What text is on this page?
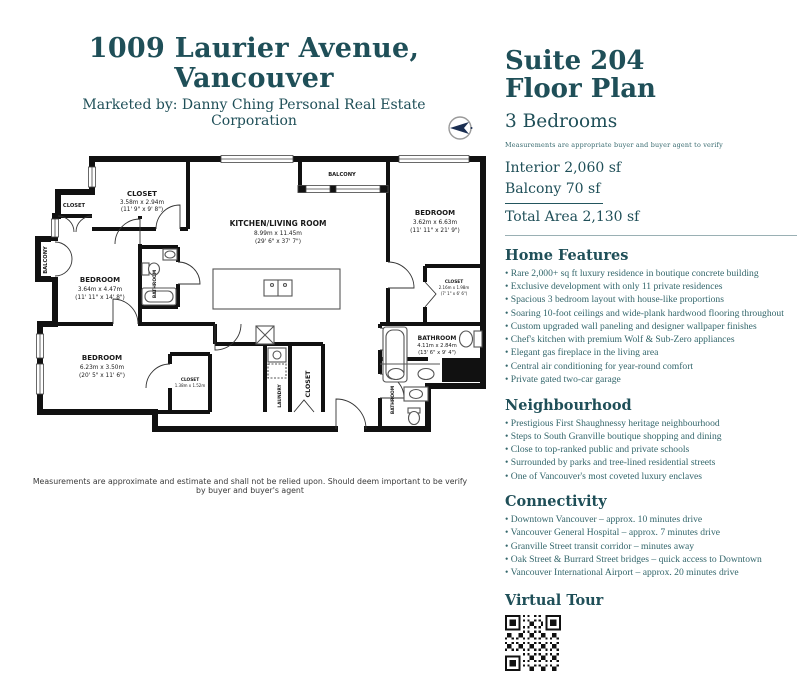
1009 Laurier Avenue, Vancouver
Marketed by: Danny Ching Personal Real Estate Corporation
CLOSET
3.58m x 2.94m
(11' 9" x 9' 8")
CLOSET
BALCONY
BEDROOM
3.64m x 4.47m
(11' 11" x 14' 8")
KITCHEN/LIVING ROOM
8.99m x 11.45m
(29' 6" x 37' 7")
BALCONY
BEDROOM
3.62m x 6.63m
(11' 11" x 21' 9")
CLOSET
2.16m x 1.98m
(7' 1" x 6' 6")
BATHROOM
4.11m x 2.84m
(13' 6" x 9' 4")
BEDROOM
6.23m x 3.50m
(20' 5" x 11' 6")
CLOSET
1.38m x 1.52m
BATHROOM
BATHROOM
LAUNDRY	CLOSET
Measurements are approximate and estimate and shall not be relied upon. Should deem important to be verify by buyer and buyer's agent
Suite 204
Floor Plan
3 Bedrooms
Measurements are appropriate buyer and buyer agent to verify
Interior 2,060 sf
Balcony 70 sf
Total Area 2,130 sf
Home Features
• Rare 2,000+ sq ft luxury residence in boutique concrete building
• Exclusive development with only 11 private residences
• Spacious 3 bedroom layout with house-like proportions
• Soaring 10-foot ceilings and wide-plank hardwood flooring throughout
• Custom upgraded wall paneling and designer wallpaper finishes
• Chef's kitchen with premium Wolf & Sub-Zero appliances
• Elegant gas fireplace in the living area
• Central air conditioning for year-round comfort
• Private gated two-car garage
Neighbourhood
• Prestigious First Shaughnessy heritage neighbourhood
• Steps to South Granville boutique shopping and dining
• Close to top-ranked public and private schools
• Surrounded by parks and tree-lined residential streets
• One of Vancouver's most coveted luxury enclaves
Connectivity
• Downtown Vancouver – approx. 10 minutes drive
• Vancouver General Hospital – approx. 7 minutes drive
• Granville Street transit corridor – minutes away
• Oak Street & Burrard Street bridges – quick access to Downtown
• Vancouver International Airport – approx. 20 minutes drive
Virtual Tour
